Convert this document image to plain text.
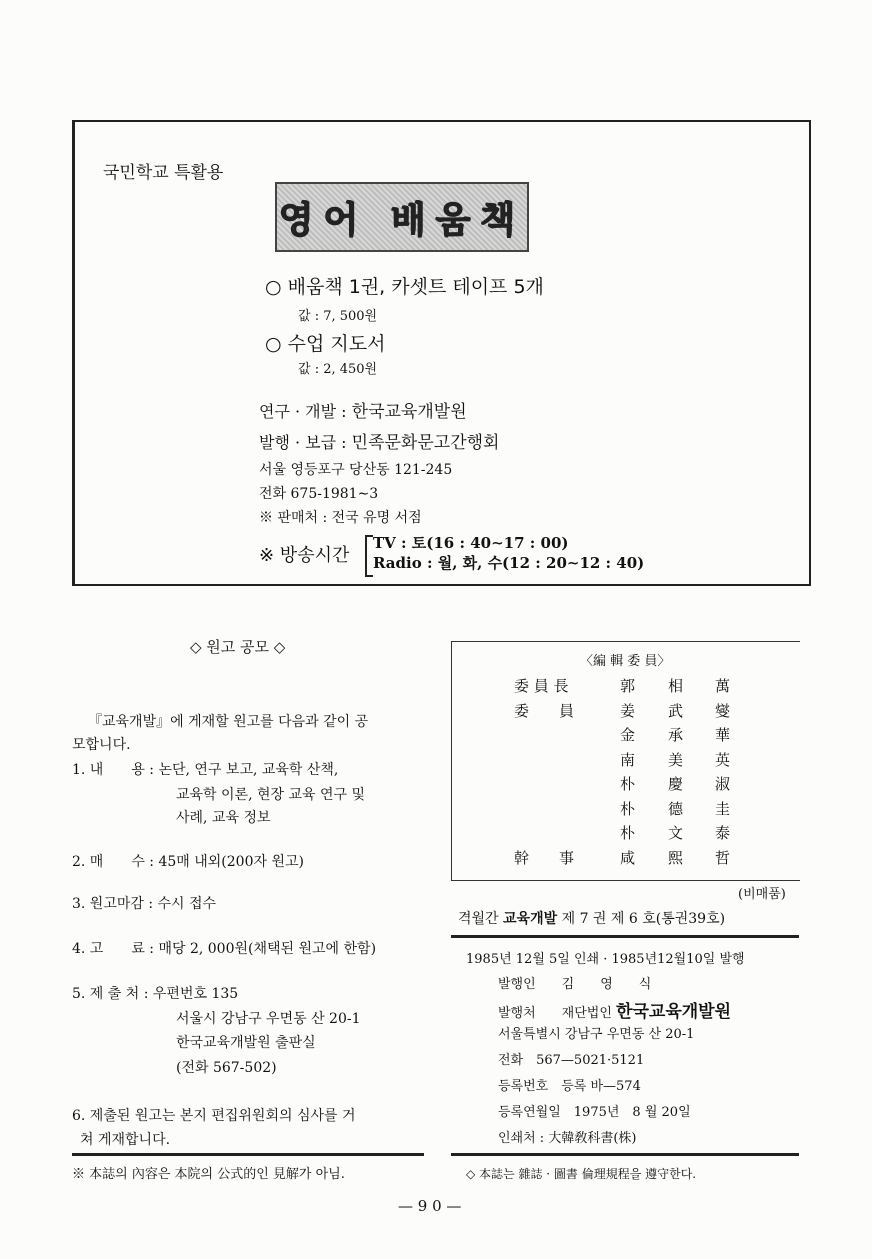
국민학교 특활용
영어 배움책
○ 배움책 1권, 카셋트 테이프 5개
값 : 7, 500원
○ 수업 지도서
값 : 2, 450원
연구 · 개발 : 한국교육개발원
발행 · 보급 : 민족문화문고간행회
서울 영등포구 당산동 121-245
전화 675-1981∼3
※ 판매처 : 전국 유명 서점
※ 방송시간
TV : 토(16 : 40∼17 : 00)
Radio : 월, 화, 수(12 : 20∼12 : 40)
◇ 원고 공모 ◇
『교육개발』에 게재할 원고를 다음과 같이 공
모합니다.
1. 내　　용 : 논단, 연구 보고, 교육학 산책,
교육학 이론, 현장 교육 연구 및
사례, 교육 정보
2. 매　　수 : 45매 내외(200자 원고)
3. 원고마감 : 수시 접수
4. 고　　료 : 매당 2, 000원(채택된 원고에 한함)
5. 제 출 처 : 우편번호 135
서울시 강남구 우면동 산 20-1
한국교육개발원 출판실
(전화 567-502)
6. 제출된 원고는 본지 편집위원회의 심사를 거
쳐 게재합니다.
※ 本誌의 內容은 本院의 公式的인 見解가 아님.
〈編 輯 委 員〉
委 員 長	郭 相 萬
委　　員	姜 武 燮
金 承 華
南 美 英
朴 慶 淑
朴 德 圭
朴 文 泰
幹　　事	咸 熙 哲
(비매품)
격월간 교육개발 제 7 권 제 6 호(통권39호)
1985년 12월 5일 인쇄 · 1985년12월10일 발행
발행인　　김　　영　　식
발행처　　재단법인 한국교육개발원
서울특별시 강남구 우면동 산 20-1
전화　567—5021·5121
등록번호　등록 바—574
등록연월일　1975년　8 월 20일
인쇄처 : 大韓敎科書(株)
◇ 本誌는 雜誌 · 圖書 倫理規程을 遵守한다.
— 9 0 —
